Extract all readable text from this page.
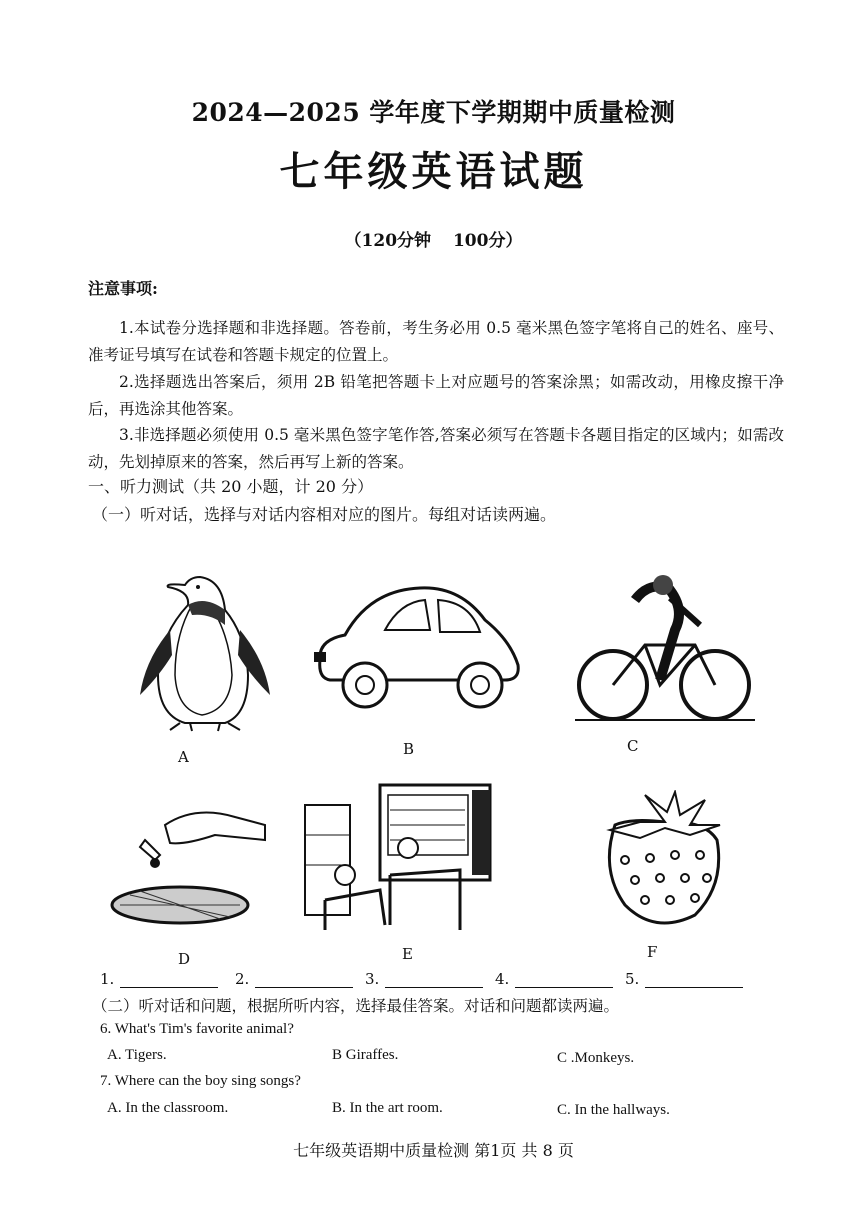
2024—2025 学年度下学期期中质量检测
七年级英语试题
（120分钟 100分）
注意事项:
1.本试卷分选择题和非选择题。答卷前，考生务必用 0.5 毫米黑色签字笔将自己的姓名、座号、准考证号填写在试卷和答题卡规定的位置上。
2.选择题选出答案后，须用 2B 铅笔把答题卡上对应题号的答案涂黑；如需改动，用橡皮擦干净后，再选涂其他答案。
3.非选择题必须使用 0.5 毫米黑色签字笔作答,答案必须写在答题卡各题目指定的区域内；如需改动，先划掉原来的答案，然后再写上新的答案。
一、听力测试（共 20 小题，计 20 分）
（一）听对话，选择与对话内容相对应的图片。每组对话读两遍。
A	B	C
D	E	F
1.	2.	3.	4.	5.
（二）听对话和问题，根据所听内容，选择最佳答案。对话和问题都读两遍。
6. What's Tim's favorite animal?
A. Tigers.	B Giraffes.	C .Monkeys.
7. Where can the boy sing songs?
A. In the classroom.	B. In the art room.	C. In the hallways.
七年级英语期中质量检测 第1页 共 8 页
